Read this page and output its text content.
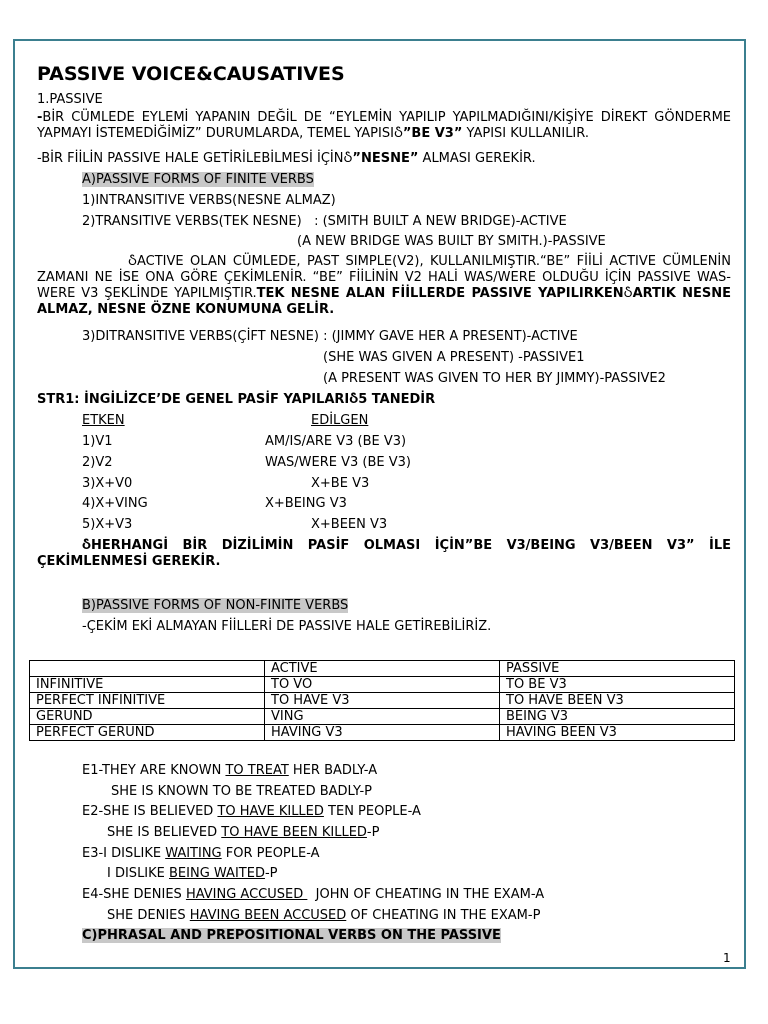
PASSIVE VOICE&CAUSATIVES
1.PASSIVE
-BİR CÜMLEDE EYLEMİ YAPANIN DEĞİL DE “EYLEMİN YAPILIP YAPILMADIĞINI/KİŞİYE DİREKT GÖNDERME YAPMAYI İSTEMEDİĞİMİZ” DURUMLARDA, TEMEL YAPISIჂ”BE V3” YAPISI KULLANILIR.
-BİR FİİLİN PASSIVE HALE GETİRİLEBİLMESİ İÇİNჂ”NESNE” ALMASI GEREKİR.
A)PASSIVE FORMS OF FINITE VERBS
1)INTRANSITIVE VERBS(NESNE ALMAZ)
2)TRANSITIVE VERBS(TEK NESNE)   : (SMITH BUILT A NEW BRIDGE)-ACTIVE
(A NEW BRIDGE WAS BUILT BY SMITH.)-PASSIVE
ჂACTIVE OLAN CÜMLEDE, PAST SIMPLE(V2), KULLANILMIŞTIR.“BE” FİİLİ ACTIVE CÜMLENİN ZAMANI NE İSE ONA GÖRE ÇEKİMLENİR. “BE” FİİLİNİN V2 HALİ WAS/WERE OLDUĞU İÇİN PASSIVE WAS-WERE V3 ŞEKLİNDE YAPILMIŞTIR.TEK NESNE ALAN FİİLLERDE PASSIVE YAPILIRKENჂARTIK NESNE ALMAZ, NESNE ÖZNE KONUMUNA GELİR.
3)DITRANSITIVE VERBS(ÇİFT NESNE) : (JIMMY GAVE HER A PRESENT)-ACTIVE
(SHE WAS GIVEN A PRESENT) -PASSIVE1
(A PRESENT WAS GIVEN TO HER BY JIMMY)-PASSIVE2
STR1: İNGİLİZCE’DE GENEL PASİF YAPILARIჂ5 TANEDİR
ETKEN	EDİLGEN
1)V1	AM/IS/ARE V3 (BE V3)
2)V2	WAS/WERE V3 (BE V3)
3)X+V0	X+BE V3
4)X+VING	X+BEING V3
5)X+V3	X+BEEN V3
ჂHERHANGİ BİR DİZİLİMİN PASİF OLMASI İÇİN”BE V3/BEING V3/BEEN V3” İLE ÇEKİMLENMESİ GEREKİR.
B)PASSIVE FORMS OF NON-FINITE VERBS
-ÇEKİM EKİ ALMAYAN FİİLLERİ DE PASSIVE HALE GETİREBİLİRİZ.
	ACTIVE	PASSIVE
INFINITIVE	TO VO	TO BE V3
PERFECT INFINITIVE	TO HAVE V3	TO HAVE BEEN V3
GERUND	VING	BEING V3
PERFECT GERUND	HAVING V3	HAVING BEEN V3
E1-THEY ARE KNOWN TO TREAT HER BADLY-A
SHE IS KNOWN TO BE TREATED BADLY-P
E2-SHE IS BELIEVED TO HAVE KILLED TEN PEOPLE-A
SHE IS BELIEVED TO HAVE BEEN KILLED-P
E3-I DISLIKE WAITING FOR PEOPLE-A
I DISLIKE BEING WAITED-P
E4-SHE DENIES HAVING ACCUSED   JOHN OF CHEATING IN THE EXAM-A
SHE DENIES HAVING BEEN ACCUSED OF CHEATING IN THE EXAM-P
C)PHRASAL AND PREPOSITIONAL VERBS ON THE PASSIVE
1
